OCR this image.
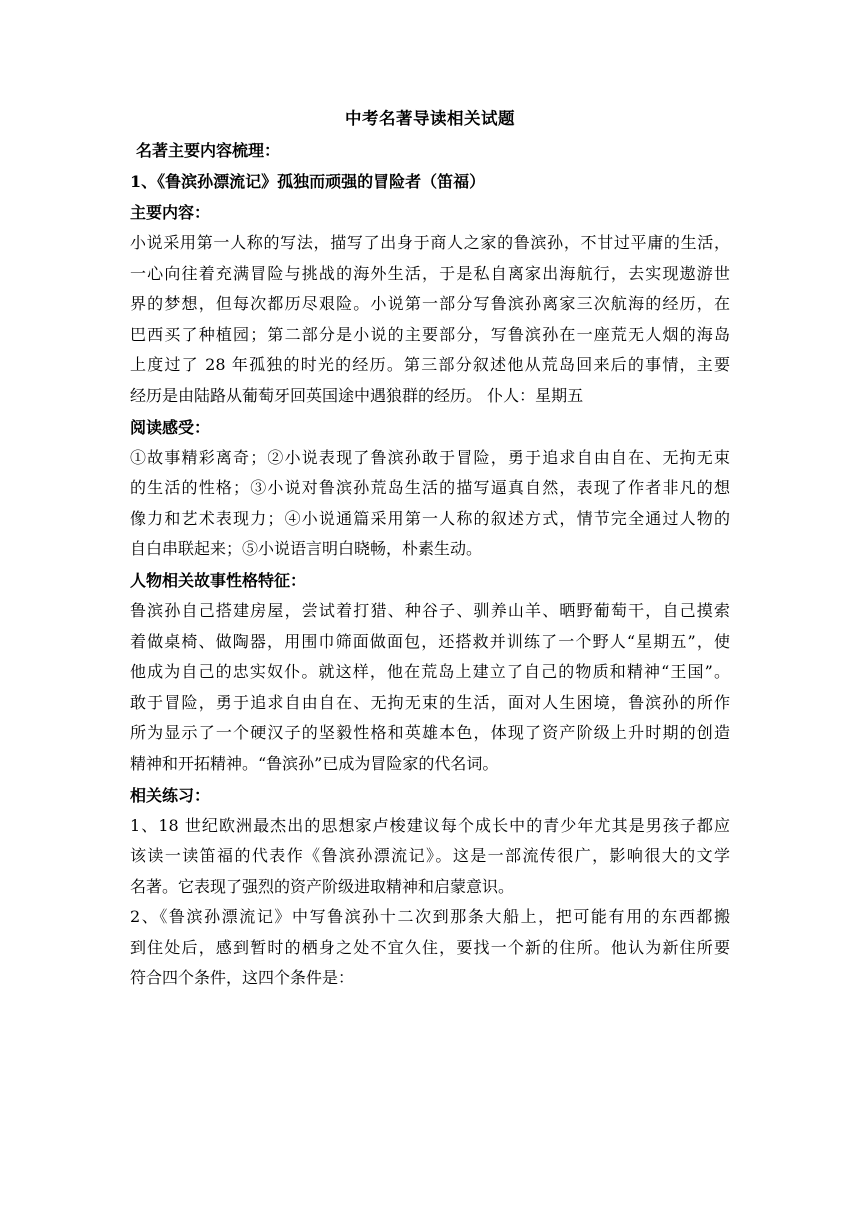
中考名著导读相关试题
名著主要内容梳理：
1、《鲁滨孙漂流记》孤独而顽强的冒险者（笛福）
主要内容：
小说采用第一人称的写法，描写了出身于商人之家的鲁滨孙，不甘过平庸的生活，
一心向往着充满冒险与挑战的海外生活，于是私自离家出海航行，去实现遨游世
界的梦想，但每次都历尽艰险。小说第一部分写鲁滨孙离家三次航海的经历，在
巴西买了种植园；第二部分是小说的主要部分，写鲁滨孙在一座荒无人烟的海岛
上度过了 28 年孤独的时光的经历。第三部分叙述他从荒岛回来后的事情，主要
经历是由陆路从葡萄牙回英国途中遇狼群的经历。 仆人：星期五
阅读感受：
①故事精彩离奇；②小说表现了鲁滨孙敢于冒险，勇于追求自由自在、无拘无束
的生活的性格；③小说对鲁滨孙荒岛生活的描写逼真自然，表现了作者非凡的想
像力和艺术表现力；④小说通篇采用第一人称的叙述方式，情节完全通过人物的
自白串联起来；⑤小说语言明白晓畅，朴素生动。
人物相关故事性格特征：
鲁滨孙自己搭建房屋，尝试着打猎、种谷子、驯养山羊、晒野葡萄干，自己摸索
着做桌椅、做陶器，用围巾筛面做面包，还搭救并训练了一个野人“星期五”，使
他成为自己的忠实奴仆。就这样，他在荒岛上建立了自己的物质和精神“王国”。
敢于冒险，勇于追求自由自在、无拘无束的生活，面对人生困境，鲁滨孙的所作
所为显示了一个硬汉子的坚毅性格和英雄本色，体现了资产阶级上升时期的创造
精神和开拓精神。“鲁滨孙”已成为冒险家的代名词。
相关练习：
1、18 世纪欧洲最杰出的思想家卢梭建议每个成长中的青少年尤其是男孩子都应
该读一读笛福的代表作《鲁滨孙漂流记》。这是一部流传很广，影响很大的文学
名著。它表现了强烈的资产阶级进取精神和启蒙意识。
2、《鲁滨孙漂流记》中写鲁滨孙十二次到那条大船上，把可能有用的东西都搬
到住处后，感到暂时的栖身之处不宜久住，要找一个新的住所。他认为新住所要
符合四个条件，这四个条件是：
